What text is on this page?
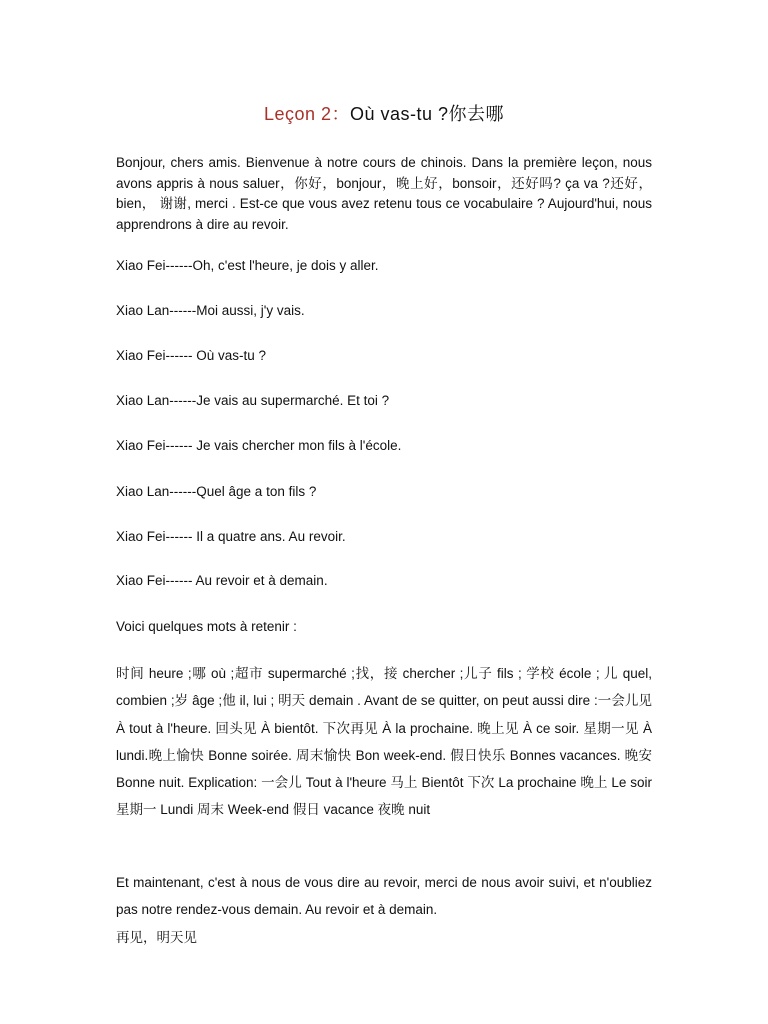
Leçon 2：Où vas-tu ?你去哪
Bonjour, chers amis. Bienvenue à notre cours de chinois. Dans la première leçon, nous avons appris à nous saluer，你好，bonjour，晚上好，bonsoir，还好吗? ça va ?还好， bien， 谢谢, merci . Est-ce que vous avez retenu tous ce vocabulaire ? Aujourd'hui, nous apprendrons à dire au revoir.
Xiao Fei------Oh, c'est l'heure, je dois y aller.
Xiao Lan------Moi aussi, j'y vais.
Xiao Fei------ Où vas-tu ?
Xiao Lan------Je vais au supermarché. Et toi ?
Xiao Fei------ Je vais chercher mon fils à l'école.
Xiao Lan------Quel âge a ton fils ?
Xiao Fei------ Il a quatre ans. Au revoir.
Xiao Fei------ Au revoir et à demain.
Voici quelques mots à retenir :
时间 heure ;哪 où ;超市 supermarché ;找，接 chercher ;儿子 fils ; 学校 école ; 儿 quel, combien ;岁 âge ;他 il, lui ; 明天 demain . Avant de se quitter, on peut aussi dire :一会儿见 À tout à l'heure. 回头见 À bientôt. 下次再见 À la prochaine. 晚上见 À ce soir. 星期一见 À lundi.晚上愉快 Bonne soirée. 周末愉快 Bon week-end. 假日快乐 Bonnes vacances. 晚安 Bonne nuit. Explication: 一会儿 Tout à l'heure 马上 Bientôt 下次 La prochaine 晚上 Le soir 星期一 Lundi 周末 Week-end 假日 vacance 夜晚 nuit
Et maintenant, c'est à nous de vous dire au revoir, merci de nous avoir suivi, et n'oubliez pas notre rendez-vous demain. Au revoir et à demain.
再见，明天见
